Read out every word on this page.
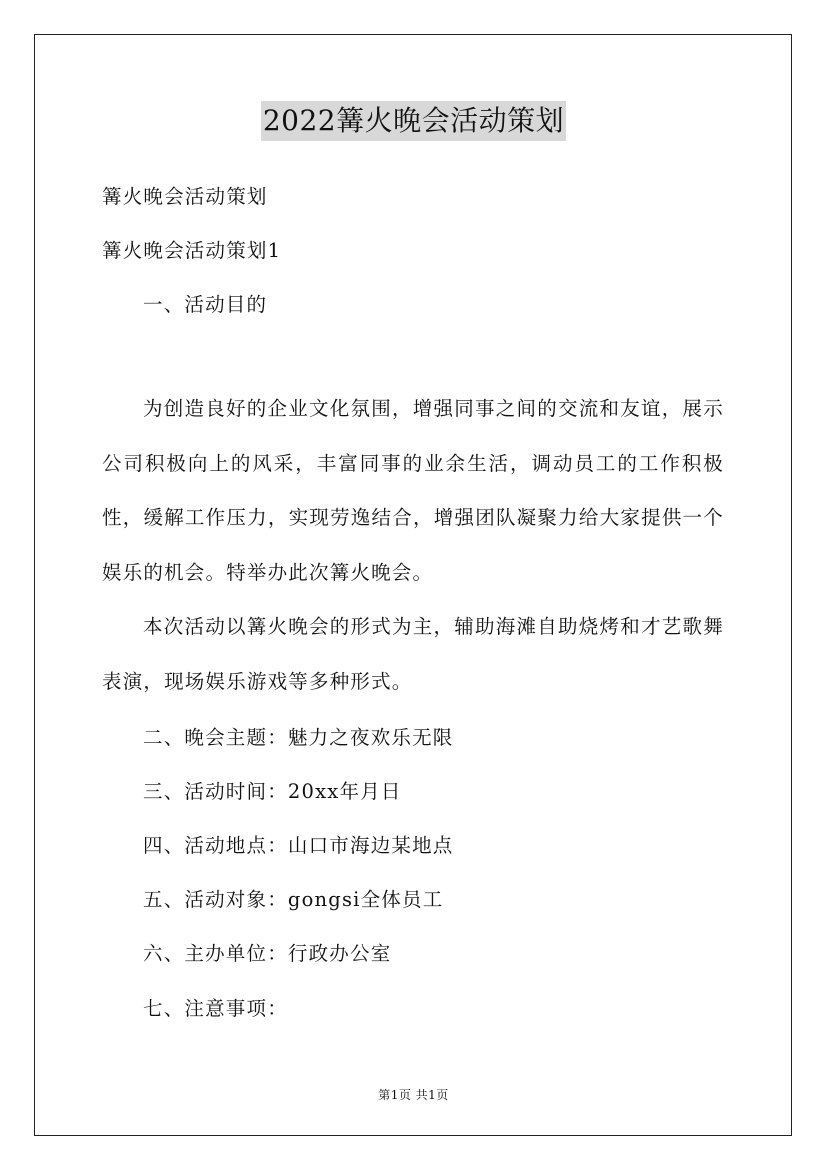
2022篝火晚会活动策划
篝火晚会活动策划
篝火晚会活动策划1
一、活动目的
为创造良好的企业文化氛围，增强同事之间的交流和友谊，展示公司积极向上的风采，丰富同事的业余生活，调动员工的工作积极性，缓解工作压力，实现劳逸结合，增强团队凝聚力给大家提供一个娱乐的机会。特举办此次篝火晚会。
本次活动以篝火晚会的形式为主，辅助海滩自助烧烤和才艺歌舞表演，现场娱乐游戏等多种形式。
二、晚会主题：魅力之夜欢乐无限
三、活动时间：20xx年月日
四、活动地点：山口市海边某地点
五、活动对象：gongsi全体员工
六、主办单位：行政办公室
七、注意事项：
第1页 共1页
